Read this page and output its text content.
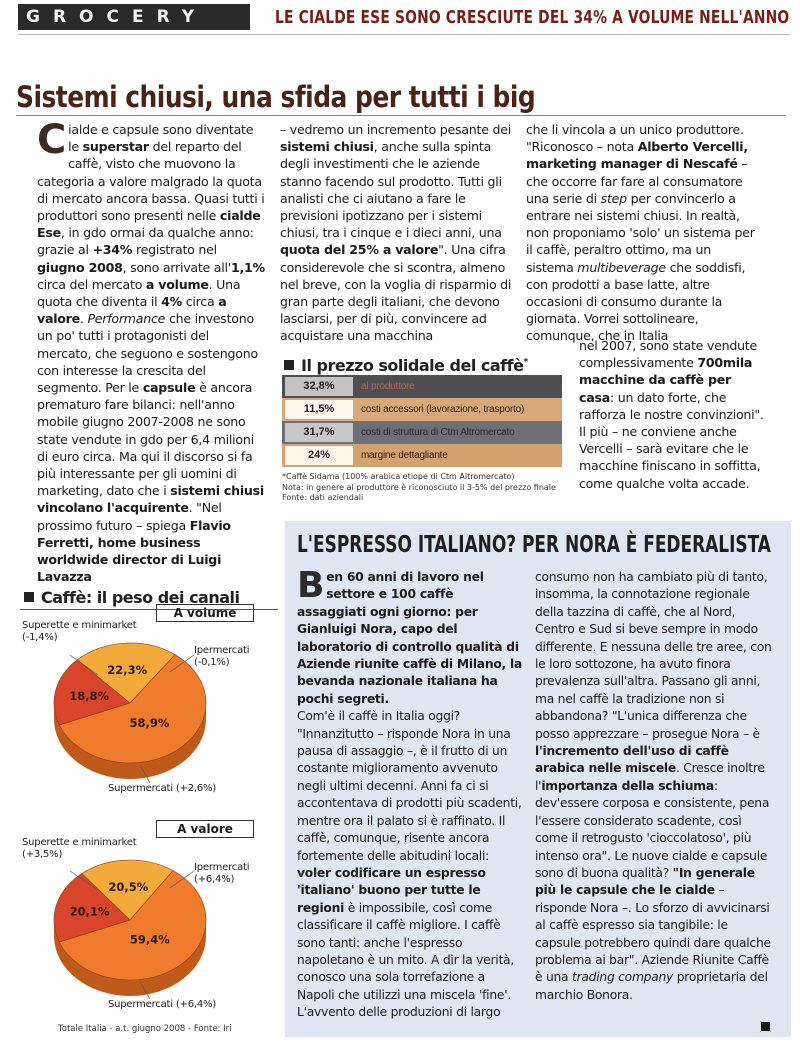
GROCERY	LE CIALDE ESE SONO CRESCIUTE DEL 34% A VOLUME NELL'ANNO
Sistemi chiusi, una sfida per tutti i big
Cialde e capsule sono diventate le superstar del reparto del caffè, visto che muovono la categoria a valore malgrado la quota di mercato ancora bassa. Quasi tutti i produttori sono presenti nelle cialde Ese, in gdo ormai da qualche anno: grazie al +34% registrato nel giugno 2008, sono arrivate all'1,1% circa del mercato a volume. Una quota che diventa il 4% circa a valore. Performance che investono un po' tutti i protagonisti del mercato, che seguono e sostengono con interesse la crescita del segmento. Per le capsule è ancora prematuro fare bilanci: nell'anno mobile giugno 2007-2008 ne sono state vendute in gdo per 6,4 milioni di euro circa. Ma qui il discorso si fa più interessante per gli uomini di marketing, dato che i sistemi chiusi vincolano l'acquirente. "Nel prossimo futuro – spiega Flavio Ferretti, home business worldwide director di Luigi Lavazza
– vedremo un incremento pesante dei sistemi chiusi, anche sulla spinta degli investimenti che le aziende stanno facendo sul prodotto. Tutti gli analisti che ci aiutano a fare le previsioni ipotizzano per i sistemi chiusi, tra i cinque e i dieci anni, una quota del 25% a valore". Una cifra considerevole che si scontra, almeno nel breve, con la voglia di risparmio di gran parte degli italiani, che devono lasciarsi, per di più, convincere ad acquistare una macchina
che li vincola a un unico produttore. "Riconosco – nota Alberto Vercelli, marketing manager di Nescafé – che occorre far fare al consumatore una serie di step per convincerlo a entrare nei sistemi chiusi. In realtà, non proponiamo 'solo' un sistema per il caffè, peraltro ottimo, ma un sistema multibeverage che soddisfi, con prodotti a base latte, altre occasioni di consumo durante la giornata. Vorrei sottolineare, comunque, che in Italia
nel 2007, sono state vendute complessivamente 700mila macchine da caffè per casa: un dato forte, che rafforza le nostre convinzioni". Il più – ne conviene anche Vercelli – sarà evitare che le macchine finiscano in soffitta, come qualche volta accade.
Il prezzo solidale del caffè*
32,8%	al produttore
11,5%	costi accessori (lavorazione, trasporto)
31,7%	costi di struttura di Ctm Altromercato
24%	margine dettagliante
*Caffè Sidama (100% arabica etiope di Ctm Altromercato)
Nota: in genere al produttore è riconosciuto il 3-5% del prezzo finale
Fonte: dati aziendali
Caffè: il peso dei canali
A volume
Superette e minimarket
(-1,4%)
Ipermercati
(-0,1%)
Supermercati (+2,6%)
A valore
Superette e minimarket
(+3,5%)
Ipermercati
(+6,4%)
Supermercati (+6,4%)
18,8%
22,3%
58,9%
20,1%
20,5%
59,4%
Totale Italia - a.t. giugno 2008 - Fonte: Iri
L'ESPRESSO ITALIANO? PER NORA È FEDERALISTA
Ben 60 anni di lavoro nel settore e 100 caffè assaggiati ogni giorno: per Gianluigi Nora, capo del laboratorio di controllo qualità di Aziende riunite caffè di Milano, la bevanda nazionale italiana ha pochi segreti.
Com'è il caffè in Italia oggi?
"Innanzitutto – risponde Nora in una pausa di assaggio –, è il frutto di un costante miglioramento avvenuto negli ultimi decenni. Anni fa ci si accontentava di prodotti più scadenti, mentre ora il palato si è raffinato. Il caffè, comunque, risente ancora fortemente delle abitudini locali: voler codificare un espresso 'italiano' buono per tutte le regioni è impossibile, così come classificare il caffè migliore. I caffè sono tanti: anche l'espresso napoletano è un mito. A dir la verità, conosco una sola torrefazione a Napoli che utilizzi una miscela 'fine'. L'avvento delle produzioni di largo
consumo non ha cambiato più di tanto, insomma, la connotazione regionale della tazzina di caffè, che al Nord, Centro e Sud si beve sempre in modo differente. E nessuna delle tre aree, con le loro sottozone, ha avuto finora prevalenza sull'altra. Passano gli anni, ma nel caffè la tradizione non si abbandona? "L'unica differenza che posso apprezzare – prosegue Nora – è l'incremento dell'uso di caffè arabica nelle miscele. Cresce inoltre l'importanza della schiuma: dev'essere corposa e consistente, pena l'essere considerato scadente, così come il retrogusto 'cioccolatoso', più intenso ora". Le nuove cialde e capsule sono di buona qualità? "In generale più le capsule che le cialde – risponde Nora –. Lo sforzo di avvicinarsi al caffè espresso sia tangibile: le capsule potrebbero quindi dare qualche problema ai bar". Aziende Riunite Caffè è una trading company proprietaria del marchio Bonora.
